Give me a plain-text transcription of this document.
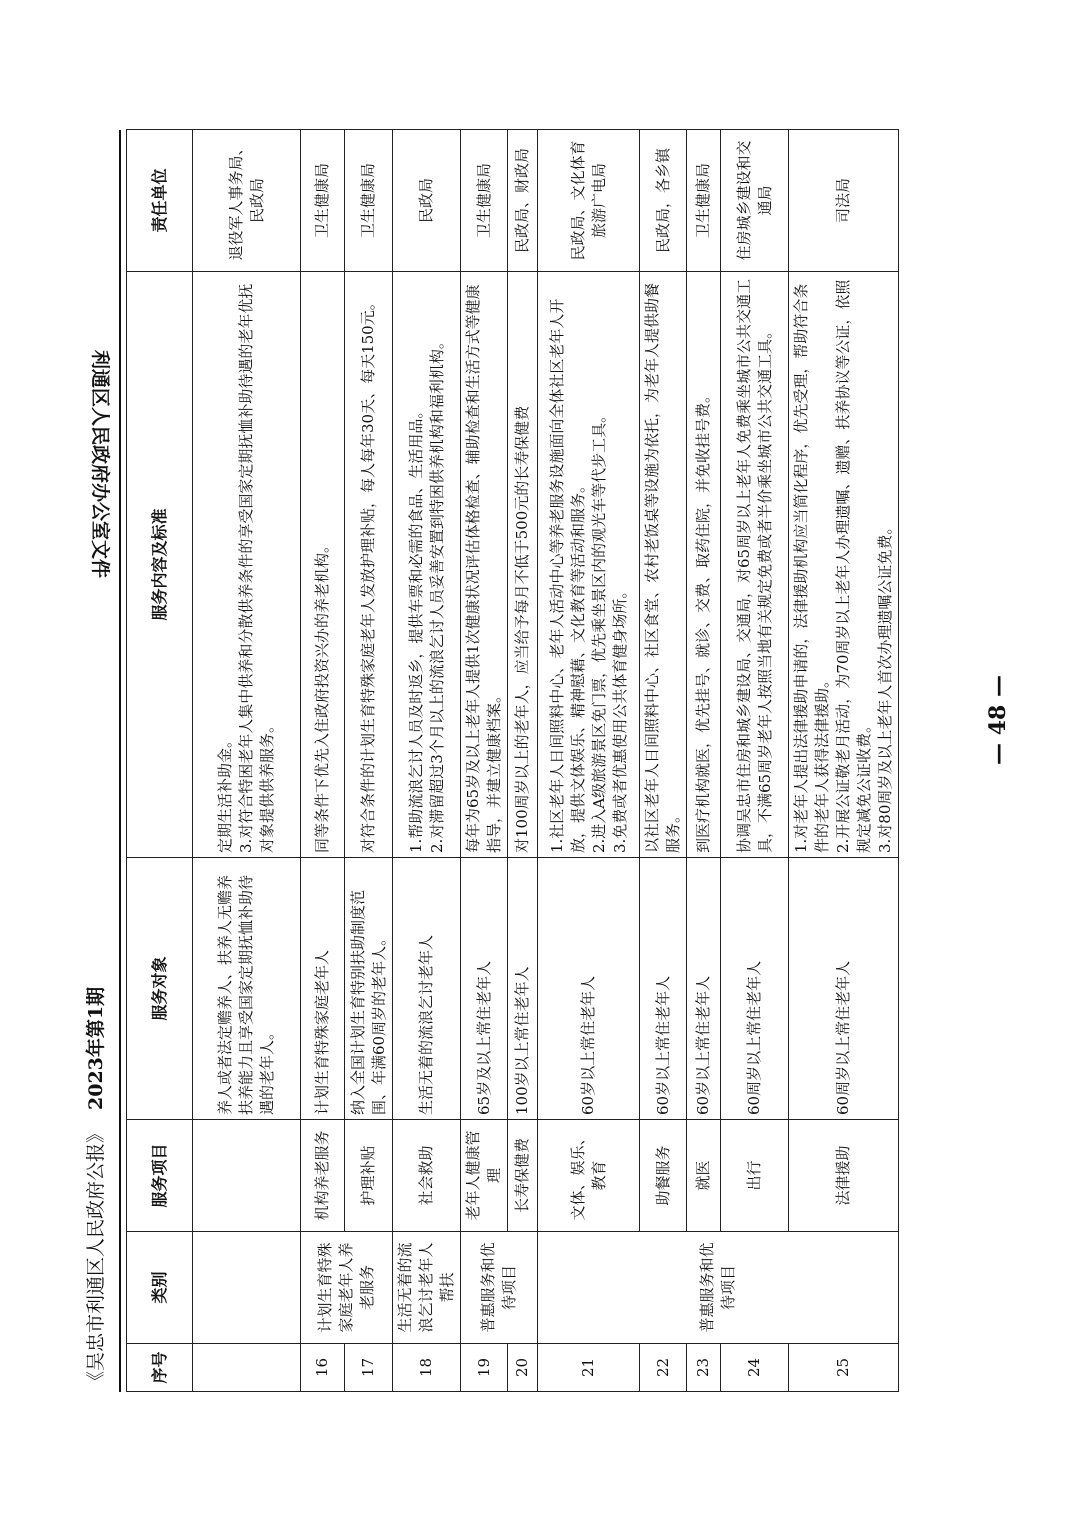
《吴忠市利通区人民政府公报》2023年第1期
利通区人民政府办公室文件
— 48 —
序号	类别	服务项目	服务对象	服务内容及标准	责任单位
			养人或者法定赡养人、扶养人无赡养扶养能力且享受国家定期抚恤补助待遇的老年人。	定期生活补助金。 3.对符合特困老年人集中供养和分散供养条件的享受国家定期抚恤补助待遇的老年优抚对象提供供养服务。	退役军人事务局、民政局
16	计划生育特殊家庭老年人养老服务	机构养老服务	计划生育特殊家庭老年人	同等条件下优先入住政府投资兴办的养老机构。	卫生健康局
17		护理补贴	纳入全国计划生育特别扶助制度范围、年满60周岁的老年人。	对符合条件的计划生育特殊家庭老年人发放护理补贴，每人每年30天、每天150元。	卫生健康局
18	生活无着的流浪乞讨老年人帮扶	社会救助	生活无着的流浪乞讨老年人	1.帮助流浪乞讨人员及时返乡，提供车票和必需的食品、生活用品。 2.对滞留超过3个月以上的流浪乞讨人员妥善安置到特困供养机构和福利机构。	民政局
19	普惠服务和优待项目	老年人健康管理	65岁及以上常住老年人	每年为65岁及以上老年人提供1次健康状况评估体格检查、辅助检查和生活方式等健康指导，并建立健康档案。	卫生健康局
20		长寿保健费	100岁以上常住老年人	对100周岁以上的老年人，应当给予每月不低于500元的长寿保健费	民政局、财政局
21	普惠服务和优待项目	文体、娱乐、教育	60岁以上常住老年人	1.社区老年人日间照料中心、老年人活动中心等养老服务设施面向全体社区老年人开放，提供文体娱乐、精神慰藉、文化教育等活动和服务。 2.进入A级旅游景区免门票，优先乘坐景区内的观光车等代步工具。 3.免费或者优惠使用公共体育健身场所。	民政局、文化体育旅游广电局
22		助餐服务	60岁以上常住老年人	以社区老年人日间照料中心、社区食堂、农村老饭桌等设施为依托，为老年人提供助餐服务。	民政局，各乡镇
23		就医	60岁以上常住老年人	到医疗机构就医，优先挂号、就诊、交费、取药住院，并免收挂号费。	卫生健康局
24		出行	60周岁以上常住老年人	协调吴忠市住房和城乡建设局、交通局，对65周岁以上老年人免费乘坐城市公共交通工具，不满65周岁老年人按照当地有关规定免费或者半价乘坐城市公共交通工具。	住房城乡建设和交通局
25		法律援助	60周岁以上常住老年人	1.对老年人提出法律援助申请的，法律援助机构应当简化程序，优先受理，帮助符合条件的老年人获得法律援助。 2.开展公证敬老月活动，为70周岁以上老年人办理遗嘱、遗赠、扶养协议等公证，依照规定减免公证收费。 3.对80周岁及以上老年人首次办理遗嘱公证免费。	司法局
